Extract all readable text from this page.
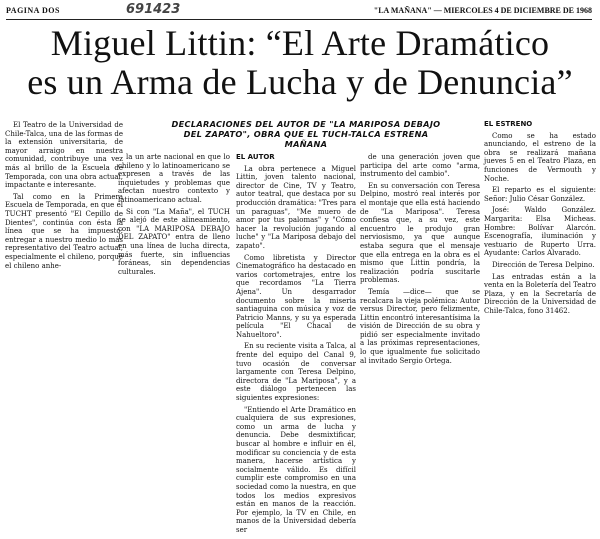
PAGINA DOS	691423	"LA MAÑANA" — MIERCOLES 4 DE DICIEMBRE DE 1968
Miguel Littin: “El Arte Dramático
es un Arma de Lucha y de Denuncia”
DECLARACIONES DEL AUTOR DE "LA MARIPOSA DEBAJO DEL ZAPATO", OBRA QUE EL TUCH-TALCA ESTRENA MAÑANA

El Teatro de la Universidad de Chile-Talca, una de las formas de la extensión universitaria, de mayor arraigo en nuestra comunidad, contribuye una vez más al brillo de la Escuela de Temporada, con una obra actual, impactante e interesante.

Tal como en la Primera Escuela de Temporada, en que el TUCHT presentó "El Cepillo de Dientes", continúa con ésta la línea que se ha impuesto: entregar a nuestro medio lo más representativo del Teatro actual, especialmente el chileno, porque el chileno anhe-

la un arte nacional en que lo chileno y lo latinoamericano se expresen a través de las inquietudes y problemas que afectan nuestro contexto y latinoamericano actual.

Si con "La Maña", el TUCH se alejó de este alineamiento, con "LA MARIPOSA DEBAJO DEL ZAPATO" entra de lleno en una línea de lucha directa, más fuerte, sin influencias foráneas, sin dependencias culturales.

EL AUTOR

La obra pertenece a Miguel Littin, joven talento nacional, director de Cine, TV y Teatro, autor teatral, que destaca por su producción dramática: "Tres para un paraguas", "Me muero de amor por tus palomas" y "Cómo hacer la revolución jugando al luche" y "La Mariposa debajo del zapato".

Como libretista y Director Cinematográfico ha destacado en varios cortometrajes, entre los que recordamos "La Tierra Ajena". Un desgarrador documento sobre la miseria santiaguina con música y voz de Patricio Manns, y su ya esperada película "El Chacal de Nahueltoro".

En su reciente visita a Talca, al frente del equipo del Canal 9, tuvo ocasión de conversar largamente con Teresa Delpino, directora de "La Mariposa", y a este diálogo pertenecen las siguientes expresiones:

"Entiendo el Arte Dramático en cualquiera de sus expresiones, como un arma de lucha y denuncia. Debe desmixtificar, buscar al hombre e influir en él, modificar su conciencia y de esta manera, hacerse artística y socialmente válido. Es difícil cumplir este compromiso en una sociedad como la nuestra, en que todos los medios expresivos están en manos de la reacción. Por ejemplo, la TV en Chile, en manos de la Universidad debería ser

de una generación joven que participa del arte como "arma, instrumento del cambio".

En su conversación con Teresa Delpino, mostró real interés por el montaje que ella está haciendo de "La Mariposa". Teresa confiesa que, a su vez, este encuentro le produjo gran nerviosismo, ya que aunque estaba segura que el mensaje que ella entrega en la obra es el mismo que Littin pondría, la realización podría suscitarle problemas.

Temía —dice— que se recalcara la vieja polémica: Autor versus Director, pero felizmente, Littin encontró interesantísima la visión de Dirección de su obra y pidió ser especialmente invitado a las próximas representaciones, lo que igualmente fue solicitado al invitado Sergio Ortega.

EL ESTRENO

Como se ha estado anunciando, el estreno de la obra se realizará mañana jueves 5 en el Teatro Plaza, en funciones de Vermouth y Noche.

El reparto es el siguiente: Señor: Julio César González.

José: Waldo González. Margarita: Elsa Micheas. Hombre: Bolívar Alarcón. Escenografía, iluminación y vestuario de Ruperto Urra. Ayudante: Carlos Alvarado.

Dirección de Teresa Delpino.

Las entradas están a la venta en la Boletería del Teatro Plaza, y en la Secretaría de Dirección de la Universidad de Chile-Talca, fono 31462.
